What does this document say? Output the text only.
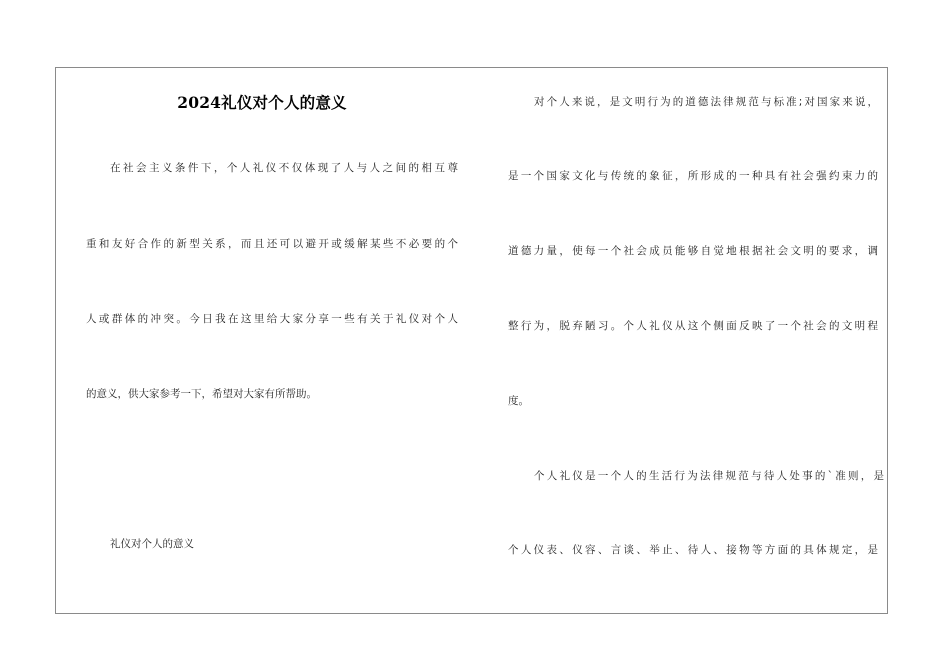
2024礼仪对个人的意义
在社会主义条件下，个人礼仪不仅体现了人与人之间的相互尊
重和友好合作的新型关系，而且还可以避开或缓解某些不必要的个
人或群体的冲突。今日我在这里给大家分享一些有关于礼仪对个人
的意义，供大家参考一下，希望对大家有所帮助。
礼仪对个人的意义
对个人来说，是文明行为的道德法律规范与标准;对国家来说，
是一个国家文化与传统的象征，所形成的一种具有社会强约束力的
道德力量，使每一个社会成员能够自觉地根据社会文明的要求，调
整行为，脱弃陋习。个人礼仪从这个侧面反映了一个社会的文明程
度。
个人礼仪是一个人的生活行为法律规范与待人处事的`准则，是
个人仪表、仪容、言谈、举止、待人、接物等方面的具体规定，是
